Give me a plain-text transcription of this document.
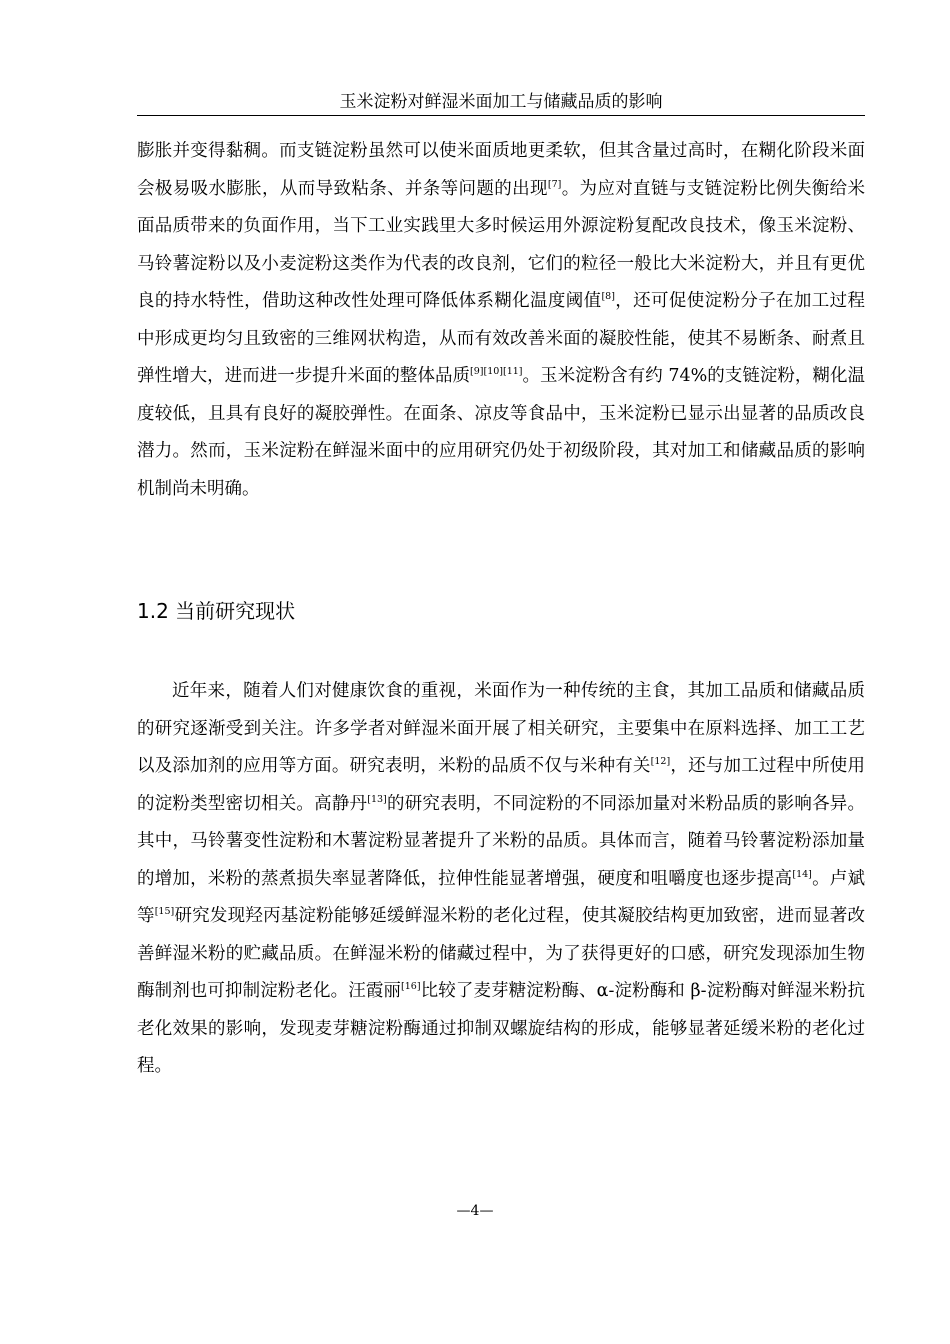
玉米淀粉对鲜湿米面加工与储藏品质的影响

膨胀并变得黏稠。而支链淀粉虽然可以使米面质地更柔软，但其含量过高时，在糊化阶段米面会极易吸水膨胀，从而导致粘条、并条等问题的出现[7]。为应对直链与支链淀粉比例失衡给米面品质带来的负面作用，当下工业实践里大多时候运用外源淀粉复配改良技术，像玉米淀粉、马铃薯淀粉以及小麦淀粉这类作为代表的改良剂，它们的粒径一般比大米淀粉大，并且有更优良的持水特性，借助这种改性处理可降低体系糊化温度阈值[8]，还可促使淀粉分子在加工过程中形成更均匀且致密的三维网状构造，从而有效改善米面的凝胶性能，使其不易断条、耐煮且弹性增大，进而进一步提升米面的整体品质[9][10][11]。玉米淀粉含有约 74%的支链淀粉，糊化温度较低，且具有良好的凝胶弹性。在面条、凉皮等食品中，玉米淀粉已显示出显著的品质改良潜力。然而，玉米淀粉在鲜湿米面中的应用研究仍处于初级阶段，其对加工和储藏品质的影响机制尚未明确。

1.2 当前研究现状

近年来，随着人们对健康饮食的重视，米面作为一种传统的主食，其加工品质和储藏品质的研究逐渐受到关注。许多学者对鲜湿米面开展了相关研究，主要集中在原料选择、加工工艺以及添加剂的应用等方面。研究表明，米粉的品质不仅与米种有关[12]，还与加工过程中所使用的淀粉类型密切相关。高静丹[13]的研究表明，不同淀粉的不同添加量对米粉品质的影响各异。其中，马铃薯变性淀粉和木薯淀粉显著提升了米粉的品质。具体而言，随着马铃薯淀粉添加量的增加，米粉的蒸煮损失率显著降低，拉伸性能显著增强，硬度和咀嚼度也逐步提高[14]。卢斌等[15]研究发现羟丙基淀粉能够延缓鲜湿米粉的老化过程，使其凝胶结构更加致密，进而显著改善鲜湿米粉的贮藏品质。在鲜湿米粉的储藏过程中，为了获得更好的口感，研究发现添加生物酶制剂也可抑制淀粉老化。汪霞丽[16]比较了麦芽糖淀粉酶、α-淀粉酶和 β-淀粉酶对鲜湿米粉抗老化效果的影响，发现麦芽糖淀粉酶通过抑制双螺旋结构的形成，能够显著延缓米粉的老化过程。

—4—
